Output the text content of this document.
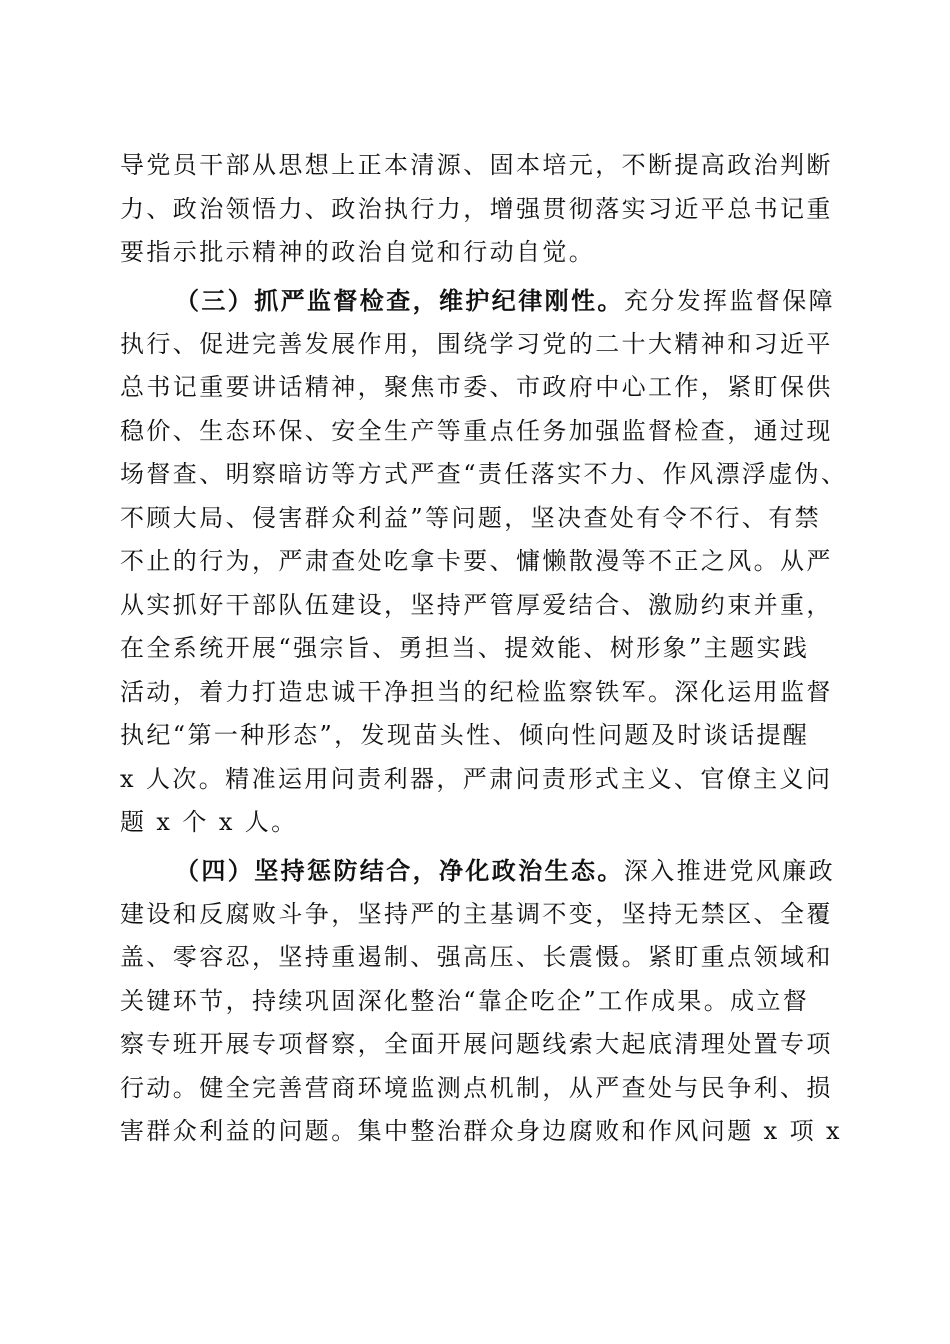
导党员干部从思想上正本清源、固本培元，不断提高政治判断
力、政治领悟力、政治执行力，增强贯彻落实习近平总书记重
要指示批示精神的政治自觉和行动自觉。
（三）抓严监督检查，维护纪律刚性。充分发挥监督保障
执行、促进完善发展作用，围绕学习党的二十大精神和习近平
总书记重要讲话精神，聚焦市委、市政府中心工作，紧盯保供
稳价、生态环保、安全生产等重点任务加强监督检查，通过现
场督查、明察暗访等方式严查“责任落实不力、作风漂浮虚伪、
不顾大局、侵害群众利益”等问题，坚决查处有令不行、有禁
不止的行为，严肃查处吃拿卡要、慵懒散漫等不正之风。从严
从实抓好干部队伍建设，坚持严管厚爱结合、激励约束并重，
在全系统开展“强宗旨、勇担当、提效能、树形象”主题实践
活动，着力打造忠诚干净担当的纪检监察铁军。深化运用监督
执纪“第一种形态”，发现苗头性、倾向性问题及时谈话提醒
x 人次。精准运用问责利器，严肃问责形式主义、官僚主义问
题 x 个 x 人。
（四）坚持惩防结合，净化政治生态。深入推进党风廉政
建设和反腐败斗争，坚持严的主基调不变，坚持无禁区、全覆
盖、零容忍，坚持重遏制、强高压、长震慑。紧盯重点领域和
关键环节，持续巩固深化整治“靠企吃企”工作成果。成立督
察专班开展专项督察，全面开展问题线索大起底清理处置专项
行动。健全完善营商环境监测点机制，从严查处与民争利、损
害群众利益的问题。集中整治群众身边腐败和作风问题 x 项 x
